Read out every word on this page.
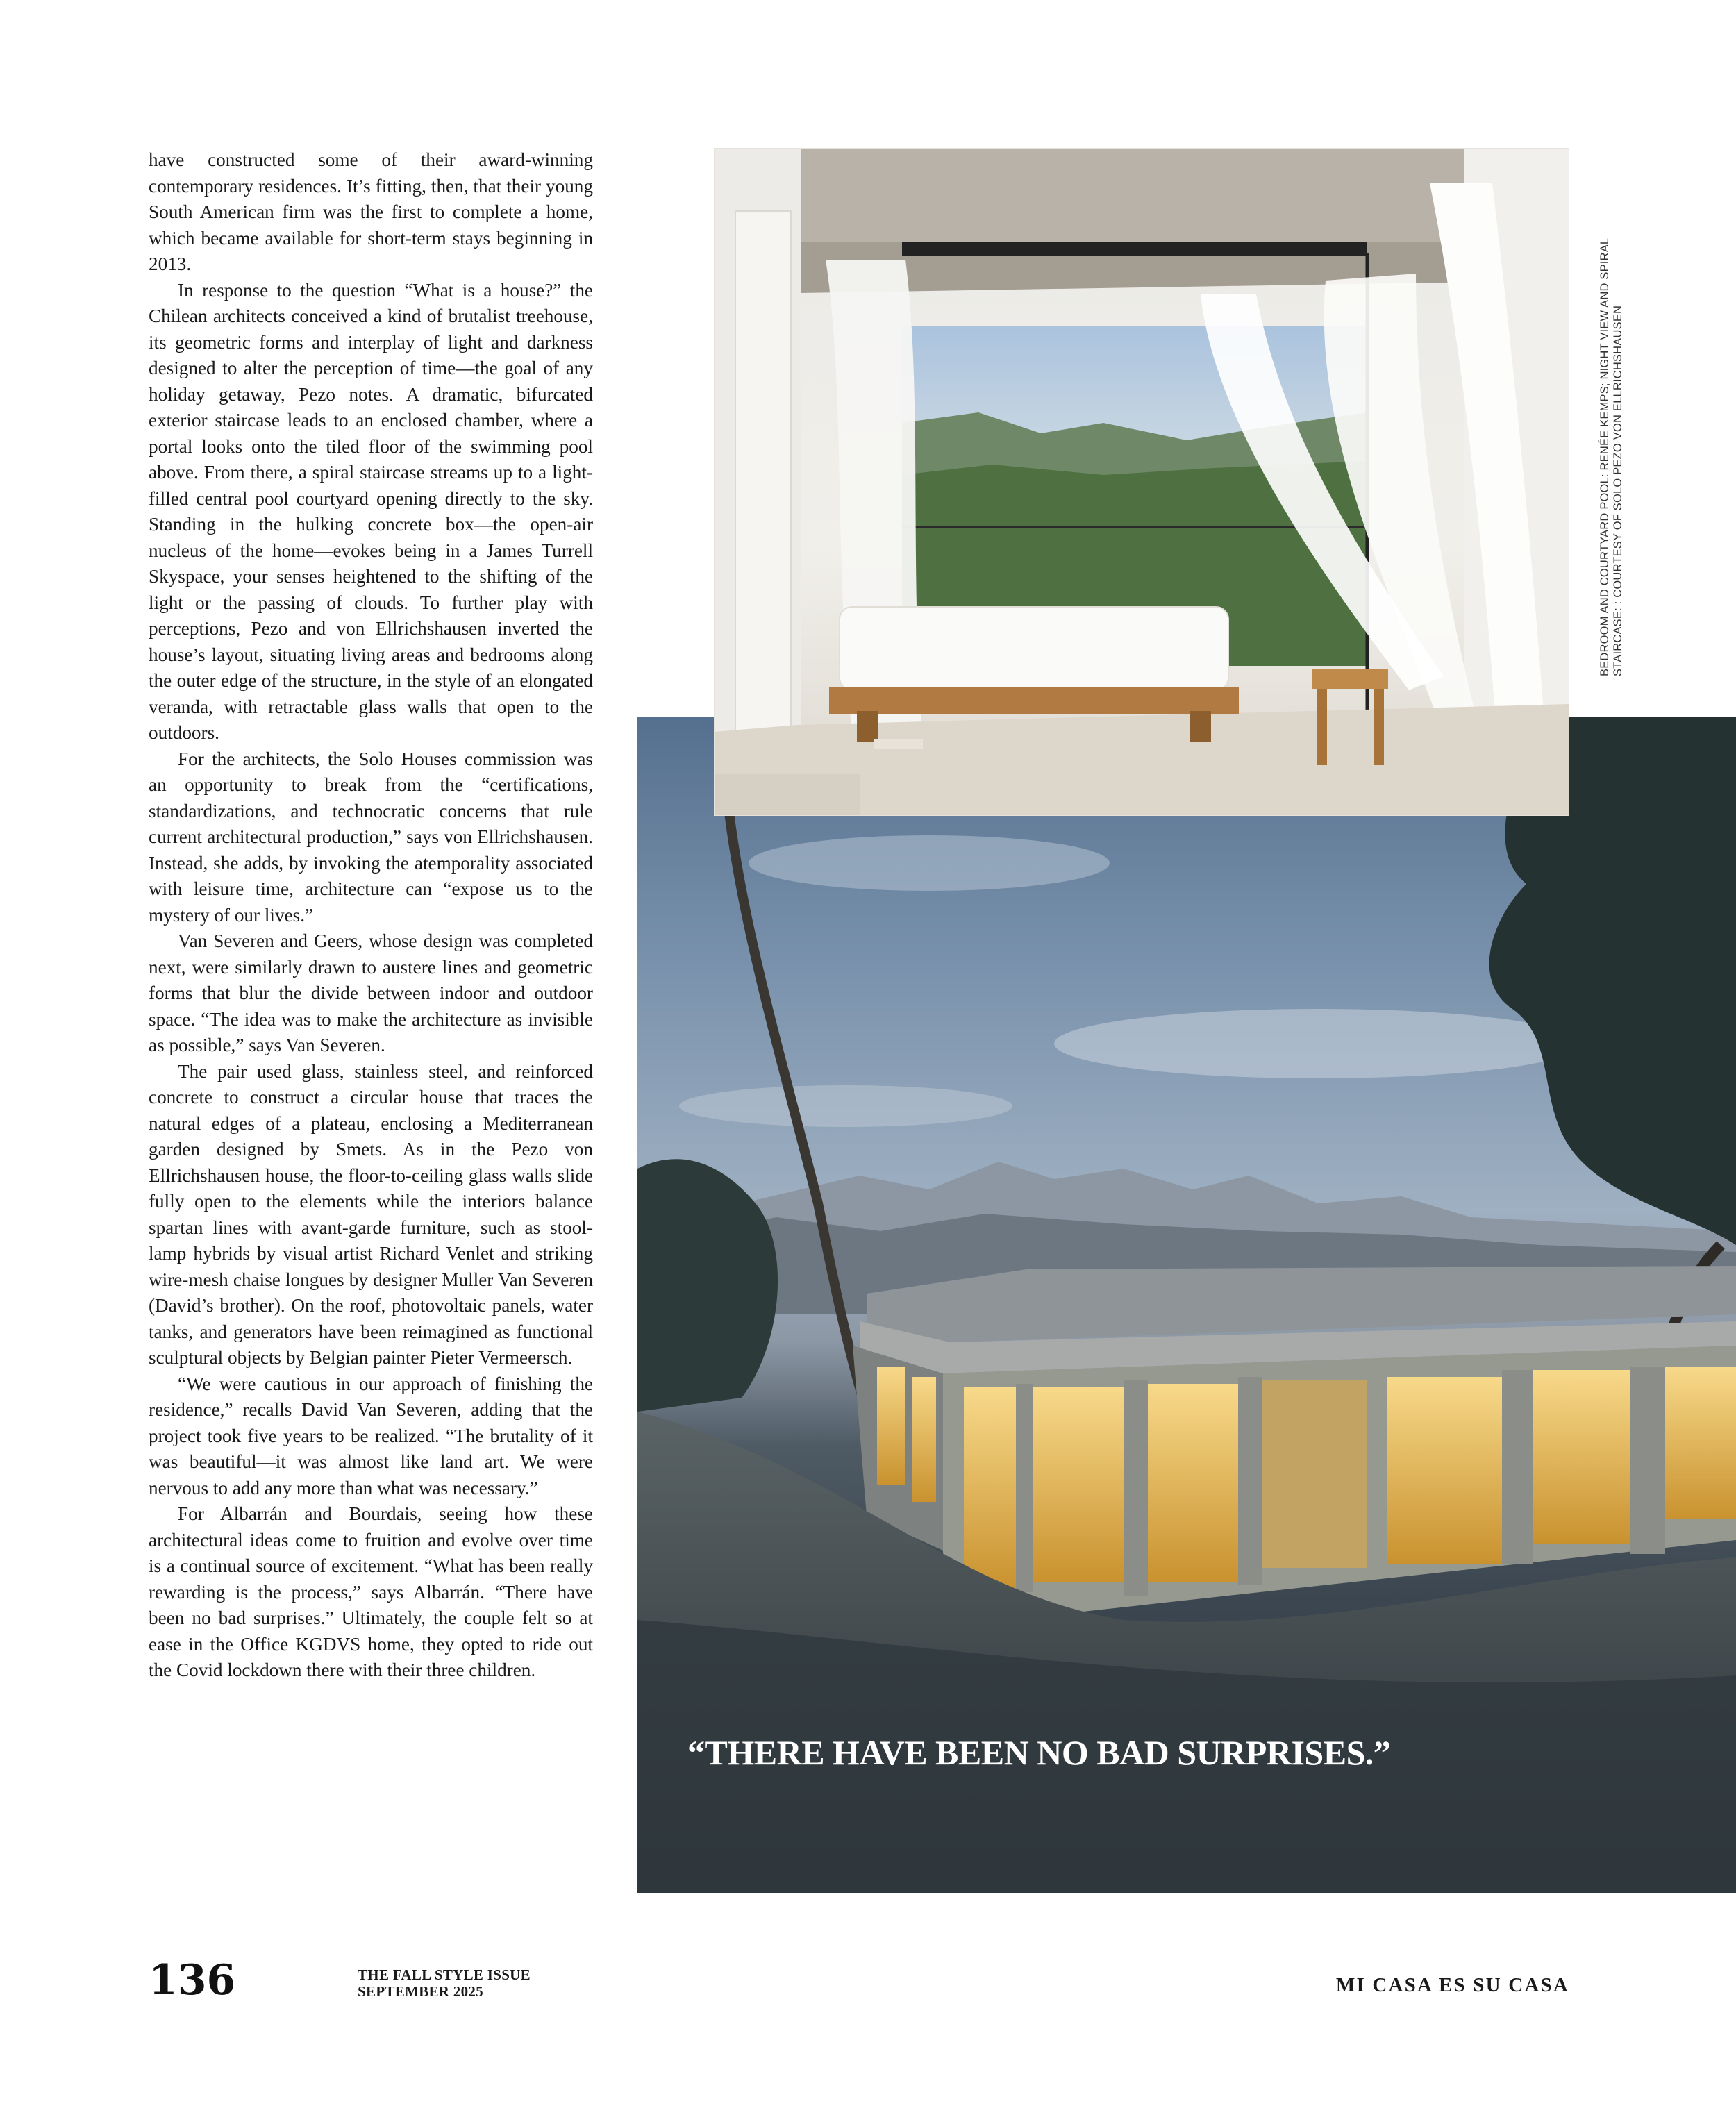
have constructed some of their award-winning contemporary residences. It’s fitting, then, that their young South American firm was the first to complete a home, which became available for short-term stays beginning in 2013.

In response to the question “What is a house?” the Chilean architects conceived a kind of brutalist treehouse, its geometric forms and interplay of light and darkness designed to alter the perception of time—the goal of any holiday getaway, Pezo notes. A dramatic, bifurcated exterior staircase leads to an enclosed chamber, where a portal looks onto the tiled floor of the swimming pool above. From there, a spiral staircase streams up to a light-filled central pool courtyard opening directly to the sky. Standing in the hulking concrete box—the open-air nucleus of the home—evokes being in a James Turrell Skyspace, your senses heightened to the shifting of the light or the passing of clouds. To further play with perceptions, Pezo and von Ellrichshausen inverted the house’s layout, situating living areas and bedrooms along the outer edge of the structure, in the style of an elongated veranda, with retractable glass walls that open to the outdoors.

For the architects, the Solo Houses commission was an opportunity to break from the “certifications, standardizations, and technocratic concerns that rule current architectural production,” says von Ellrichshausen. Instead, she adds, by invoking the atemporality associated with leisure time, architecture can “expose us to the mystery of our lives.”

Van Severen and Geers, whose design was completed next, were similarly drawn to austere lines and geometric forms that blur the divide between indoor and outdoor space. “The idea was to make the architecture as invisible as possible,” says Van Severen.

The pair used glass, stainless steel, and reinforced concrete to construct a circular house that traces the natural edges of a plateau, enclosing a Mediterranean garden designed by Smets. As in the Pezo von Ellrichshausen house, the floor-to-ceiling glass walls slide fully open to the elements while the interiors balance spartan lines with avant-garde furniture, such as stool-lamp hybrids by visual artist Richard Venlet and striking wire-mesh chaise longues by designer Muller Van Severen (David’s brother). On the roof, photovoltaic panels, water tanks, and generators have been reimagined as functional sculptural objects by Belgian painter Pieter Vermeersch.

“We were cautious in our approach of finishing the residence,” recalls David Van Severen, adding that the project took five years to be realized. “The brutality of it was beautiful—it was almost like land art. We were nervous to add any more than what was necessary.”

For Albarrán and Bourdais, seeing how these architectural ideas come to fruition and evolve over time is a continual source of excitement. “What has been really rewarding is the process,” says Albarrán. “There have been no bad surprises.” Ultimately, the couple felt so at ease in the Office KGDVS home, they opted to ride out the Covid lockdown there with their three children.

“THERE HAVE BEEN NO BAD SURPRISES.”
BEDROOM AND COURTYARD POOL: RENÉE KEMPS; NIGHT VIEW AND SPIRAL STAIRCASE: : COURTESY OF SOLO PEZO VON ELLRICHSHAUSEN
136	THE FALL STYLE ISSUE
SEPTEMBER 2025	MI CASA ES SU CASA
